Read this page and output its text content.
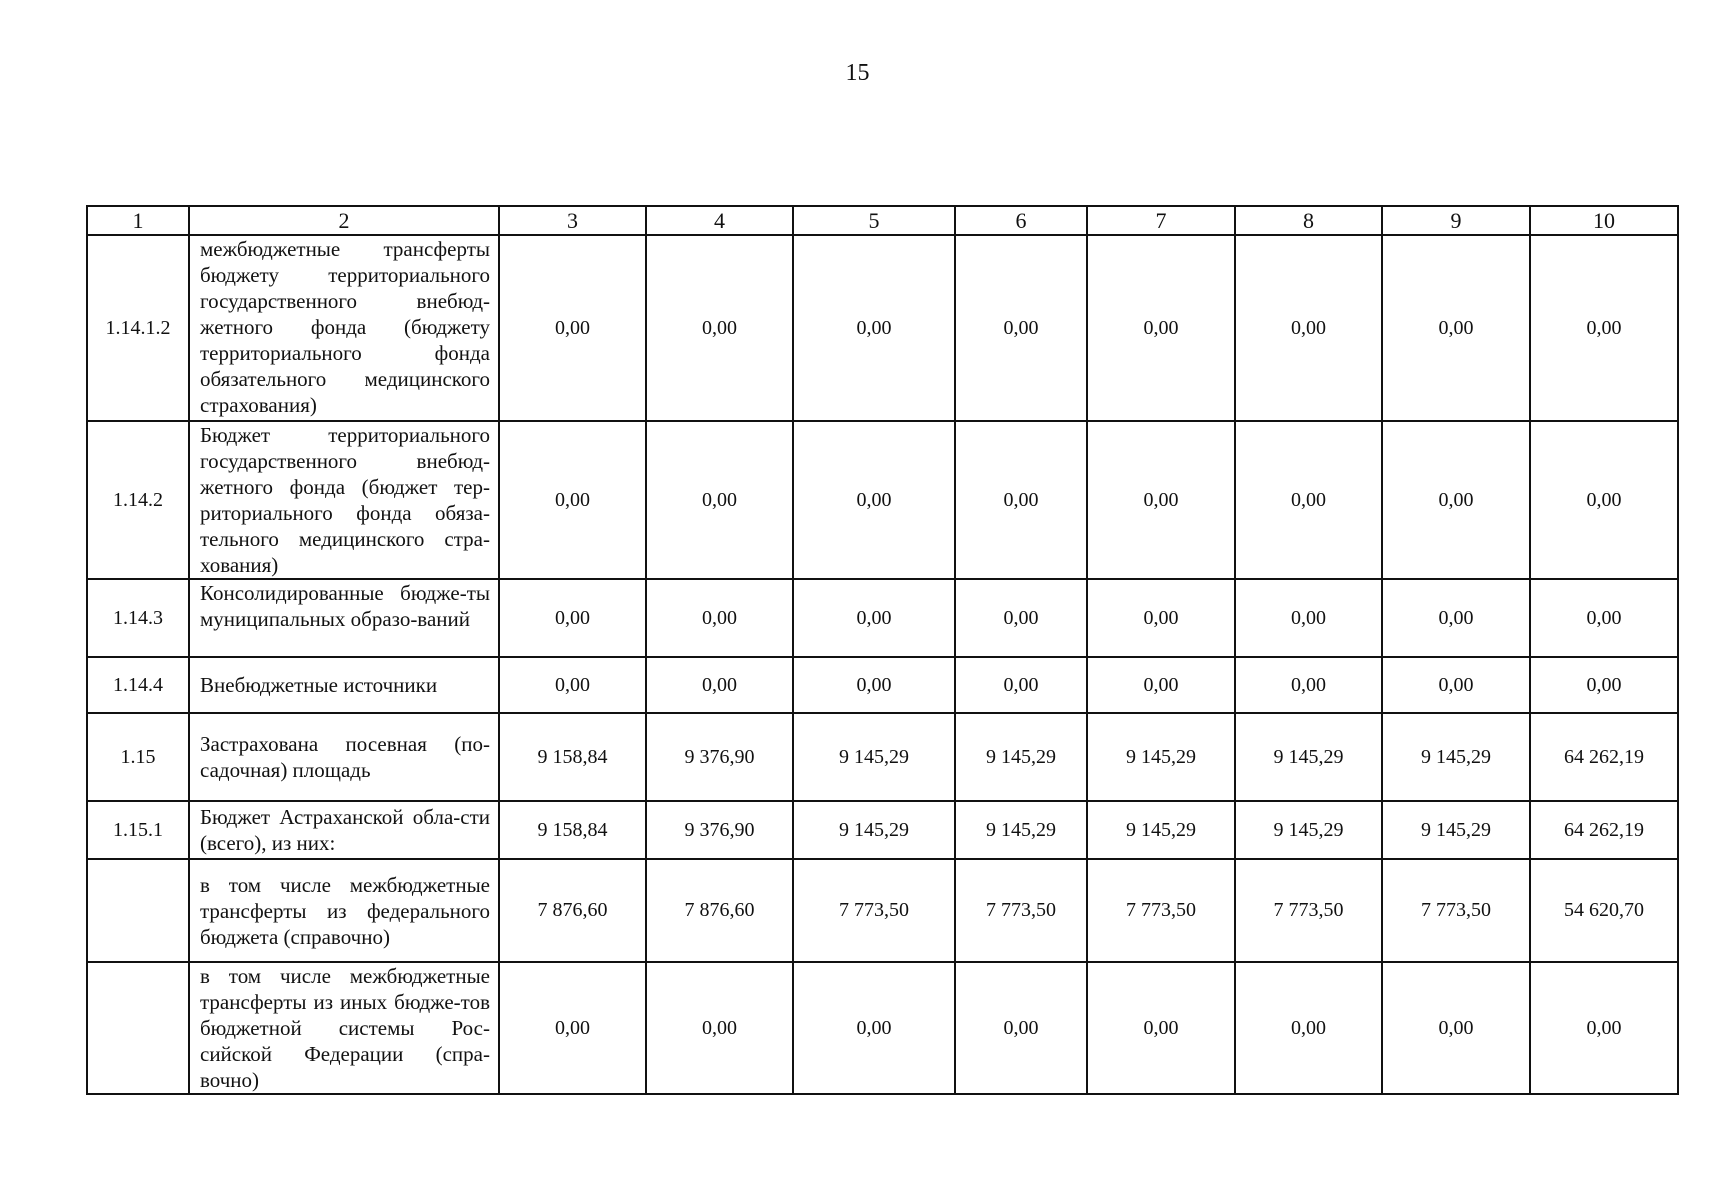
15
1	2	3	4	5	6	7	8	9	10
1.14.1.2	межбюджетные трансферты бюджету территориального государственного внебюд-жетного фонда (бюджету территориального фонда обязательного медицинского страхования)	0,00	0,00	0,00	0,00	0,00	0,00	0,00	0,00
1.14.2	Бюджет территориального государственного внебюд-жетного фонда (бюджет тер-риториального фонда обяза-тельного медицинского стра-хования)	0,00	0,00	0,00	0,00	0,00	0,00	0,00	0,00
1.14.3	Консолидированные бюдже-ты муниципальных образо-ваний	0,00	0,00	0,00	0,00	0,00	0,00	0,00	0,00
1.14.4	Внебюджетные источники	0,00	0,00	0,00	0,00	0,00	0,00	0,00	0,00
1.15	Застрахована посевная (по-садочная) площадь	9 158,84	9 376,90	9 145,29	9 145,29	9 145,29	9 145,29	9 145,29	64 262,19
1.15.1	Бюджет Астраханской обла-сти (всего), из них:	9 158,84	9 376,90	9 145,29	9 145,29	9 145,29	9 145,29	9 145,29	64 262,19
	в том числе межбюджетные трансферты из федерального бюджета (справочно)	7 876,60	7 876,60	7 773,50	7 773,50	7 773,50	7 773,50	7 773,50	54 620,70
	в том числе межбюджетные трансферты из иных бюдже-тов бюджетной системы Рос-сийской Федерации (спра-вочно)	0,00	0,00	0,00	0,00	0,00	0,00	0,00	0,00
